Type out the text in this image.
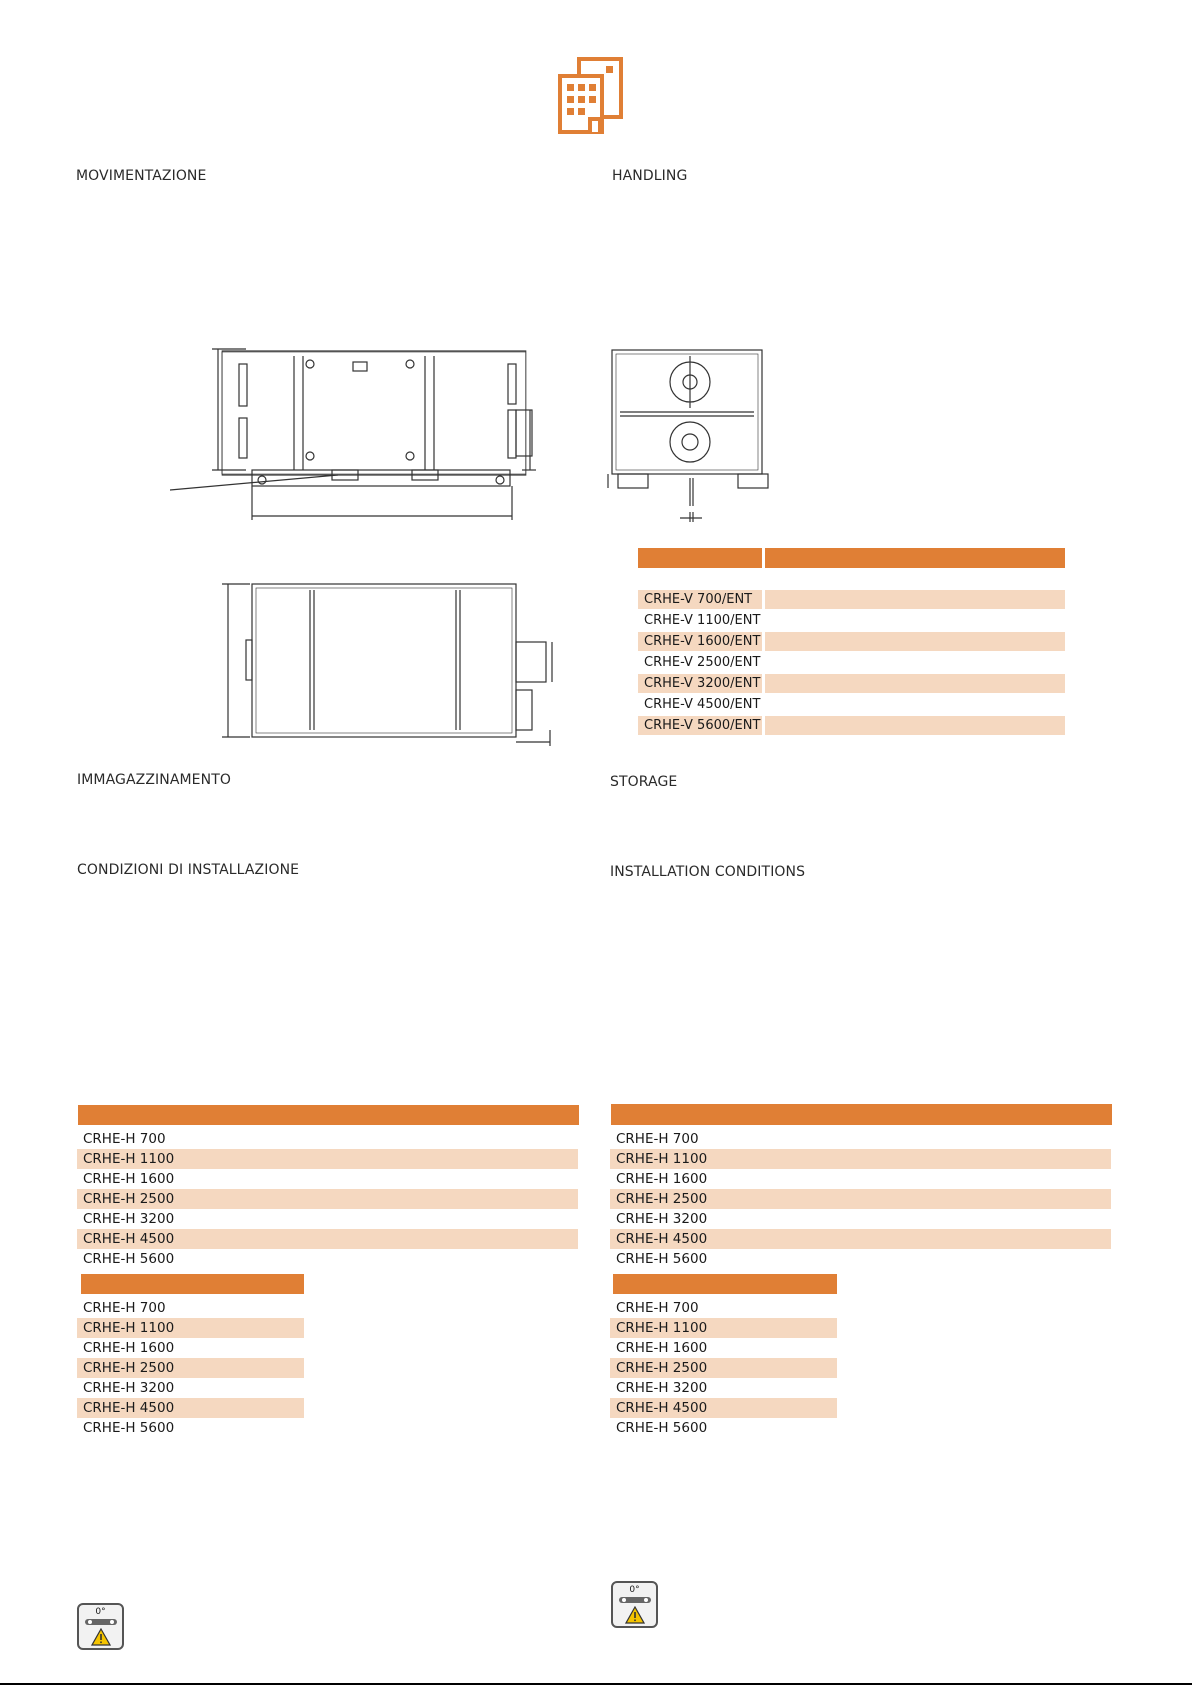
MOVIMENTAZIONE	HANDLING
CRHE-V 700/ENT
CRHE-V 1100/ENT
CRHE-V 1600/ENT
CRHE-V 2500/ENT
CRHE-V 3200/ENT
CRHE-V 4500/ENT
CRHE-V 5600/ENT
IMMAGAZZINAMENTO	STORAGE
CONDIZIONI DI INSTALLAZIONE	INSTALLATION CONDITIONS
CRHE-H 700
CRHE-H 1100
CRHE-H 1600
CRHE-H 2500
CRHE-H 3200
CRHE-H 4500
CRHE-H 5600
CRHE-H 700
CRHE-H 1100
CRHE-H 1600
CRHE-H 2500
CRHE-H 3200
CRHE-H 4500
CRHE-H 5600
CRHE-H 700
CRHE-H 1100
CRHE-H 1600
CRHE-H 2500
CRHE-H 3200
CRHE-H 4500
CRHE-H 5600
CRHE-H 700
CRHE-H 1100
CRHE-H 1600
CRHE-H 2500
CRHE-H 3200
CRHE-H 4500
CRHE-H 5600
0°
0°
